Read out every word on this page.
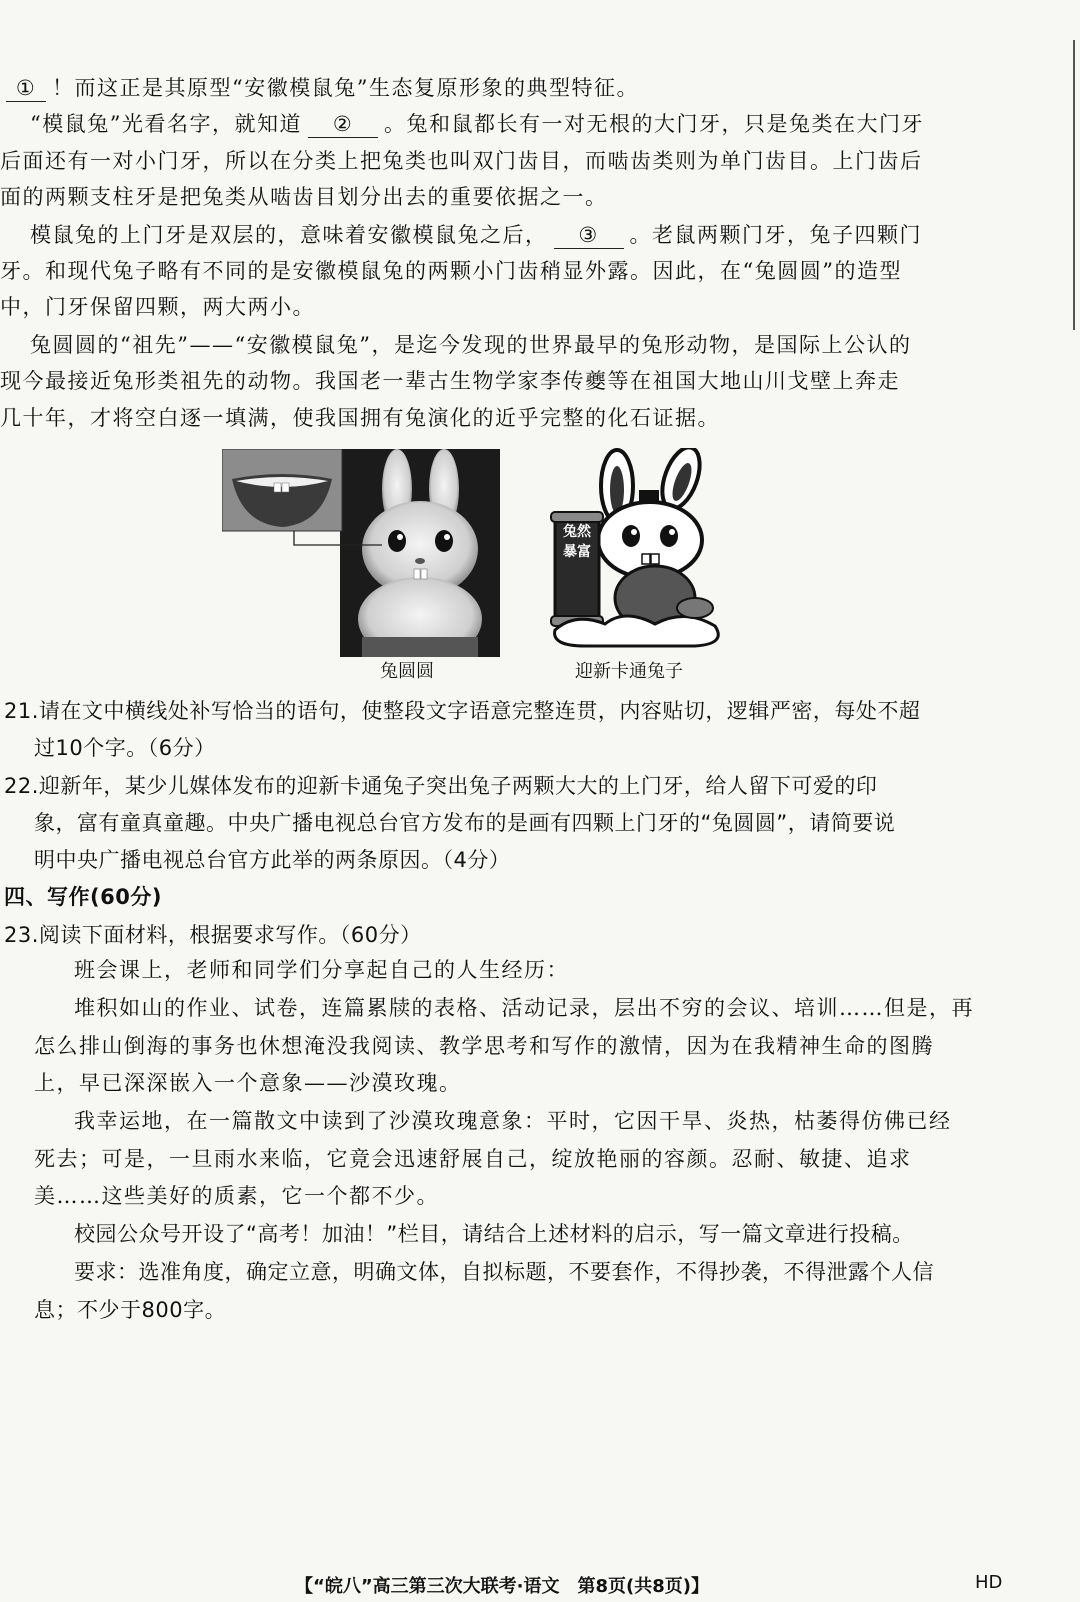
① ！而这正是其原型“安徽模鼠兔”生态复原形象的典型特征。
“模鼠兔”光看名字，就知道 ② 。兔和鼠都长有一对无根的大门牙，只是兔类在大门牙
后面还有一对小门牙，所以在分类上把兔类也叫双门齿目，而啮齿类则为单门齿目。上门齿后
面的两颗支柱牙是把兔类从啮齿目划分出去的重要依据之一。
模鼠兔的上门牙是双层的，意味着安徽模鼠兔之后， ③ 。老鼠两颗门牙，兔子四颗门
牙。和现代兔子略有不同的是安徽模鼠兔的两颗小门齿稍显外露。因此，在“兔圆圆”的造型
中，门牙保留四颗，两大两小。
兔圆圆的“祖先”——“安徽模鼠兔”，是迄今发现的世界最早的兔形动物，是国际上公认的
现今最接近兔形类祖先的动物。我国老一辈古生物学家李传夔等在祖国大地山川戈壁上奔走
几十年，才将空白逐一填满，使我国拥有兔演化的近乎完整的化石证据。
兔圆圆
兔然暴富
迎新卡通兔子
21.请在文中横线处补写恰当的语句，使整段文字语意完整连贯，内容贴切，逻辑严密，每处不超
过10个字。（6分）
22.迎新年，某少儿媒体发布的迎新卡通兔子突出兔子两颗大大的上门牙，给人留下可爱的印
象，富有童真童趣。中央广播电视总台官方发布的是画有四颗上门牙的“兔圆圆”，请简要说
明中央广播电视总台官方此举的两条原因。（4分）
四、写作(60分)
23.阅读下面材料，根据要求写作。（60分）
班会课上，老师和同学们分享起自己的人生经历：
堆积如山的作业、试卷，连篇累牍的表格、活动记录，层出不穷的会议、培训……但是，再
怎么排山倒海的事务也休想淹没我阅读、教学思考和写作的激情，因为在我精神生命的图腾
上，早已深深嵌入一个意象——沙漠玫瑰。
我幸运地，在一篇散文中读到了沙漠玫瑰意象：平时，它因干旱、炎热，枯萎得仿佛已经
死去；可是，一旦雨水来临，它竟会迅速舒展自己，绽放艳丽的容颜。忍耐、敏捷、追求
美……这些美好的质素，它一个都不少。
校园公众号开设了“高考！加油！”栏目，请结合上述材料的启示，写一篇文章进行投稿。
要求：选准角度，确定立意，明确文体，自拟标题，不要套作，不得抄袭，不得泄露个人信
息；不少于800字。
【“皖八”高三第三次大联考·语文　第8页(共8页)】	HD
